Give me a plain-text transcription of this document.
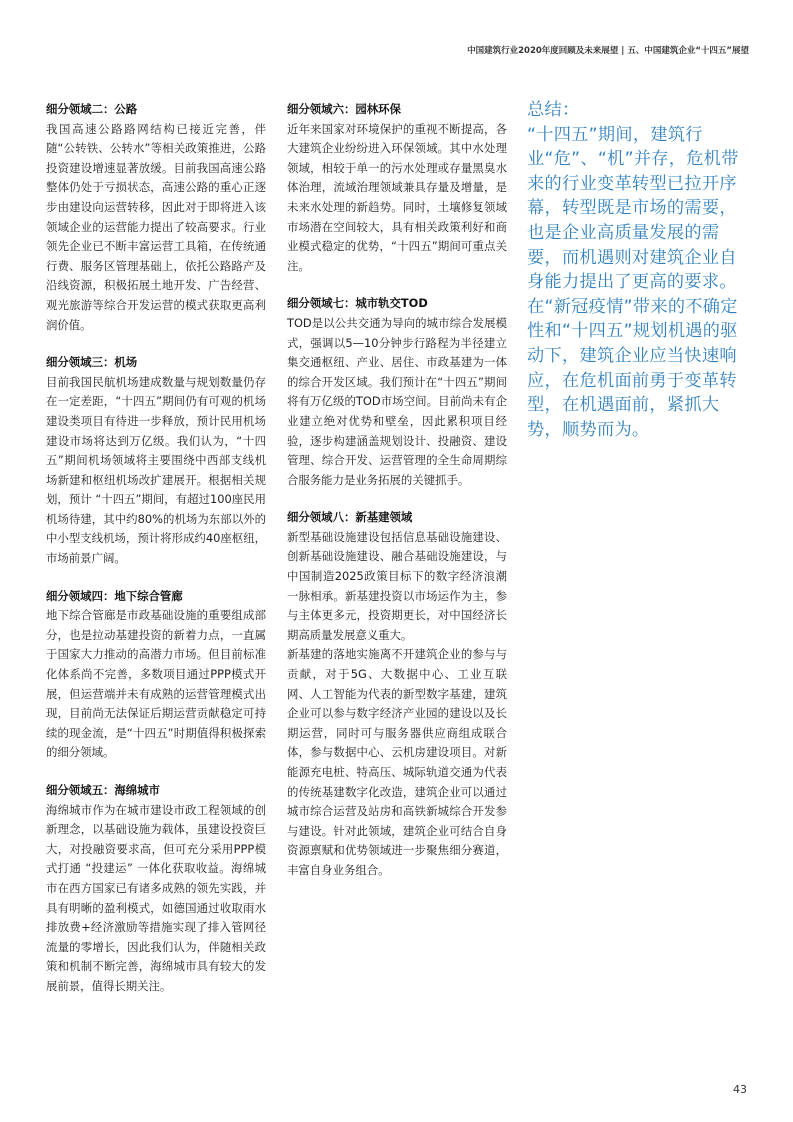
中国建筑行业2020年度回顾及未来展望 | 五、中国建筑企业“十四五”展望
细分领域二：公路

我国高速公路路网结构已接近完善，伴随“公转铁、公转水”等相关政策推进，公路投资建设增速显著放缓。目前我国高速公路整体仍处于亏损状态，高速公路的重心正逐步由建设向运营转移，因此对于即将进入该领域企业的运营能力提出了较高要求。行业领先企业已不断丰富运营工具箱，在传统通行费、服务区管理基础上，依托公路路产及沿线资源，积极拓展土地开发、广告经营、观光旅游等综合开发运营的模式获取更高利润价值。

细分领域三：机场

目前我国民航机场建成数量与规划数量仍存在一定差距，“十四五”期间仍有可观的机场建设类项目有待进一步释放，预计民用机场建设市场将达到万亿级。我们认为，“十四五”期间机场领域将主要围绕中西部支线机场新建和枢纽机场改扩建展开。根据相关规划，预计 “十四五”期间，有超过100座民用机场待建，其中约80%的机场为东部以外的中小型支线机场，预计将形成约40座枢纽，市场前景广阔。

细分领域四：地下综合管廊

地下综合管廊是市政基础设施的重要组成部分，也是拉动基建投资的新着力点，一直属于国家大力推动的高潜力市场。但目前标准化体系尚不完善，多数项目通过PPP模式开展，但运营端并未有成熟的运营管理模式出现，目前尚无法保证后期运营贡献稳定可持续的现金流，是“十四五”时期值得积极探索的细分领域。

细分领域五：海绵城市

海绵城市作为在城市建设市政工程领域的创新理念，以基础设施为载体，虽建设投资巨大，对投融资要求高，但可充分采用PPP模式打通 “投建运” 一体化获取收益。海绵城市在西方国家已有诸多成熟的领先实践，并具有明晰的盈利模式，如德国通过收取雨水排放费+经济激励等措施实现了排入管网径流量的零增长，因此我们认为，伴随相关政策和机制不断完善，海绵城市具有较大的发展前景，值得长期关注。

细分领域六：园林环保

近年来国家对环境保护的重视不断提高，各大建筑企业纷纷进入环保领域。其中水处理领域，相较于单一的污水处理或存量黑臭水体治理，流域治理领域兼具存量及增量，是未来水处理的新趋势。同时，土壤修复领域市场潜在空间较大，具有相关政策利好和商业模式稳定的优势，“十四五”期间可重点关注。

细分领域七：城市轨交TOD

TOD是以公共交通为导向的城市综合发展模式，强调以5—10分钟步行路程为半径建立集交通枢纽、产业、居住、市政基建为一体的综合开发区域。我们预计在“十四五”期间将有万亿级的TOD市场空间。目前尚未有企业建立绝对优势和壁垒，因此累积项目经验，逐步构建涵盖规划设计、投融资、建设管理、综合开发、运营管理的全生命周期综合服务能力是业务拓展的关键抓手。

细分领域八：新基建领域

新型基础设施建设包括信息基础设施建设、创新基础设施建设、融合基础设施建设，与中国制造2025政策目标下的数字经济浪潮一脉相承。新基建投资以市场运作为主，参与主体更多元，投资期更长，对中国经济长期高质量发展意义重大。

新基建的落地实施离不开建筑企业的参与与贡献，对于5G、大数据中心、工业互联网、人工智能为代表的新型数字基建，建筑企业可以参与数字经济产业园的建设以及长期运营，同时可与服务器供应商组成联合体，参与数据中心、云机房建设项目。对新能源充电桩、特高压、城际轨道交通为代表的传统基建数字化改造，建筑企业可以通过城市综合运营及站房和高铁新城综合开发参与建设。针对此领域，建筑企业可结合自身资源禀赋和优势领域进一步聚焦细分赛道，丰富自身业务组合。

总结：
“十四五”期间，建筑行业“危”、“机”并存，危机带来的行业变革转型已拉开序幕，转型既是市场的需要，也是企业高质量发展的需要，而机遇则对建筑企业自身能力提出了更高的要求。在“新冠疫情”带来的不确定性和“十四五”规划机遇的驱动下，建筑企业应当快速响应，在危机面前勇于变革转型，在机遇面前，紧抓大势，顺势而为。
43
